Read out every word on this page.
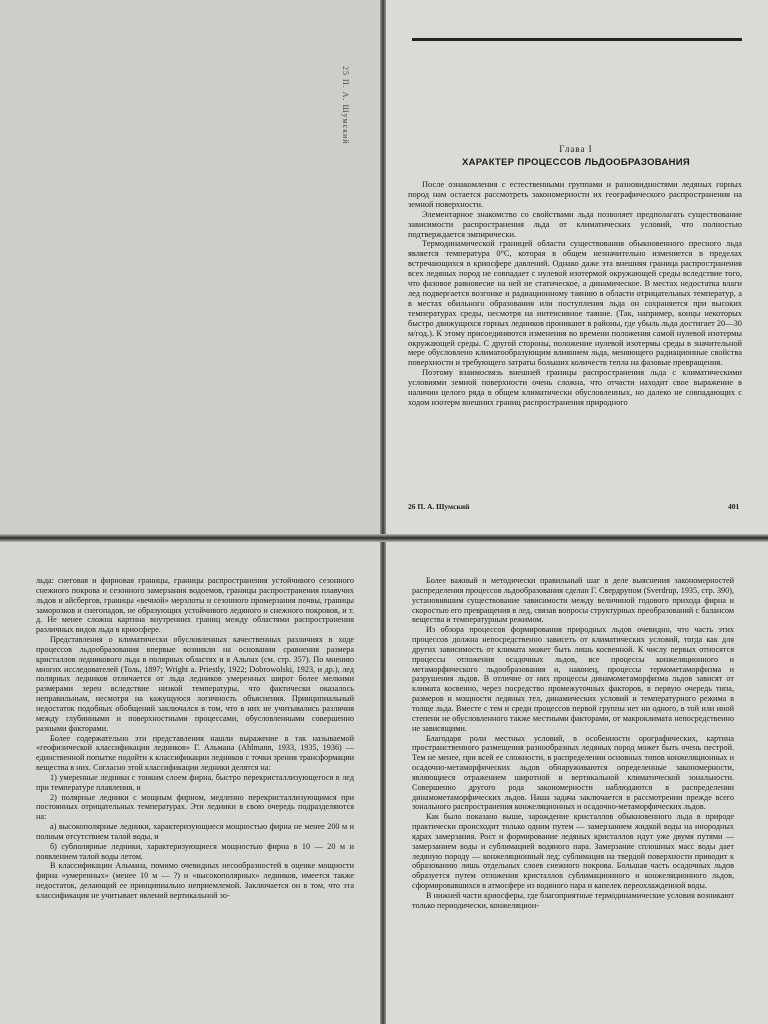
25 П. А. Шумский
Глава I
ХАРАКТЕР ПРОЦЕССОВ ЛЬДООБРАЗОВАНИЯ

После ознакомления с естественными группами и разновидностями ледяных горных пород нам остается рассмотреть закономерности их географического распространения на земной поверхности.

Элементарное знакомство со свойствами льда позволяет предполагать существование зависимости распространения льда от климатических условий, что полностью подтверждается эмпирически.

Термодинамической границей области существования обыкновенного пресного льда является температура 0°С, которая в общем незначительно изменяется в пределах встречающихся в криосфере давлений. Однако даже эта внешняя граница распространения всех ледяных пород не совпадает с нулевой изотермой окружающей среды вследствие того, что фазовое равновесие на ней не статическое, а динамическое. В местах недостатка влаги лед подвергается возгонке и радиационному таянию в области отрицательных температур, а в местах обильного образования или поступления льда он сохраняется при высоких температурах среды, несмотря на интенсивное таяние. (Так, например, концы некоторых быстро движущихся горных ледников проникают в районы, где убыль льда достигает 20—30 м/год.). К этому присоединяются изменения во времени положения самой нулевой изотермы окружающей среды. С другой стороны, положение нулевой изотермы среды в значительной мере обусловлено климатообразующим влиянием льда, меняющего радиационные свойства поверхности и требующего затраты больших количеств тепла на фазовые превращения.

Поэтому взаимосвязь внешней границы распространения льда с климатическими условиями земной поверхности очень сложна, что отчасти находит свое выражение в наличии целого ряда в общем климатически обусловленных, но далеко не совпадающих с ходом изотерм внешних границ распространения природного

26 П. А. Шумский	401

льда: снеговая и фирновая границы, границы распространения устойчивого сезонного снежного покрова и сезонного замерзания водоемов, границы распространения плавучих льдов и айсбергов, границы «вечной» мерзлоты и сезонного промерзания почвы, границы заморозков и снегопадов, не образующих устойчивого ледяного и снежного покровов, и т. д. Не менее сложна картина внутренних границ между областями распространения различных видов льда в криосфере.

Представления о климатически обусловленных качественных различиях в ходе процессов льдообразования впервые возникли на основании сравнения размера кристаллов ледникового льда в полярных областях и в Альпах (см. стр. 357). По мнению многих исследователей (Толь, 1897; Wright a. Priestly, 1922; Dobrowolski, 1923, и др.), лед полярных ледников отличается от льда ледников умеренных широт более мелкими размерами зерен вследствие низкой температуры, что фактически оказалось неправильным, несмотря на кажущуюся логичность объяснения. Принципиальный недостаток подобных обобщений заключался в том, что в них не учитывались различия между глубинными и поверхностными процессами, обусловленными совершенно разными факторами.

Более содержательно эти представления нашли выражение в так называемой «геофизической классификации ледников» Г. Альмана (Ahlmann, 1933, 1935, 1936) — единственной попытке подойти к классификации ледников с точки зрения трансформации вещества в них. Согласно этой классификации ледники делятся на:

1) умеренные ледники с тонким слоем фирна, быстро перекристаллизующегося в лед при температуре плавления, и

2) полярные ледники с мощным фирном, медленно перекристаллизующимся при постоянных отрицательных температурах. Эти ледники в свою очередь подразделяются на:

а) высокополярные ледники, характеризующиеся мощностью фирна не менее 200 м и полным отсутствием талой воды, и

б) субполярные ледники, характеризующиеся мощностью фирна в 10 — 20 м и появлением талой воды летом.

В классификации Альмана, помимо очевидных несообразностей в оценке мощности фирна «умеренных» (менее 10 м — ?) и «высокополярных» ледников, имеется также недостаток, делающий ее принципиально неприемлемой. Заключается он в том, что эта классификация не учитывает явлений вертикальной зо-

Более важный и методически правильный шаг в деле выяснения закономерностей распределения процессов льдообразования сделан Г. Свердрупом (Sverdrup, 1935, стр. 390), установившим существование зависимости между величиной годового прихода фирна и скоростью его превращения в лед, связав вопросы структурных преобразований с балансом вещества и температурным режимом.

Из обзора процессов формирования природных льдов очевидно, что часть этих процессов должна непосредственно зависеть от климатических условий, тогда как для других зависимость от климата может быть лишь косвенной. К числу первых относятся процессы отложения осадочных льдов, все процессы конжеляционного и метаморфического льдообразования и, наконец, процессы термометаморфизма и разрушения льдов. В отличие от них процессы динамометаморфизма льдов зависят от климата косвенно, через посредство промежуточных факторов, в первую очередь типа, размеров и мощности ледяных тел, динамических условий и температурного режима в толще льда. Вместе с тем и среди процессов первой группы нет ни одного, в той или иной степени не обусловленного также местными факторами, от макроклимата непосредственно не зависящими.

Благодаря роли местных условий, в особенности орографических, картина пространственного размещения разнообразных ледяных пород может быть очень пестрой. Тем не менее, при всей ее сложности, в распределении основных типов конжеляционных и осадочно-метаморфических льдов обнаруживаются определенные закономерности, являющиеся отражением широтной и вертикальной климатической зональности. Совершенно другого рода закономерности наблюдаются в распределении динамометаморфических льдов. Наша задача заключается в рассмотрении прежде всего зонального распространения конжеляционных и осадочно-метаморфических льдов.

Как было показано выше, зарождение кристаллов обыкновенного льда в природе практически происходит только одним путем — замерзанием жидкой воды на инородных ядрах замерзания. Рост и формирование ледяных кристаллов идут уже двумя путями — замерзанием воды и сублимацией водяного пара. Замерзание сплошных масс воды дает ледяную породу — конжеляционный лед; сублимация на твердой поверхности приводит к образованию лишь отдельных слоев снежного покрова. Большая часть осадочных льдов образуется путем отложения кристаллов сублимационного и конжеляционного льдов, сформировавшихся в атмосфере из водяного пара и капелек переохлажденной воды.

В нижней части криосферы, где благоприятные термодинамические условия возникают только периодически, конжеляцион-
